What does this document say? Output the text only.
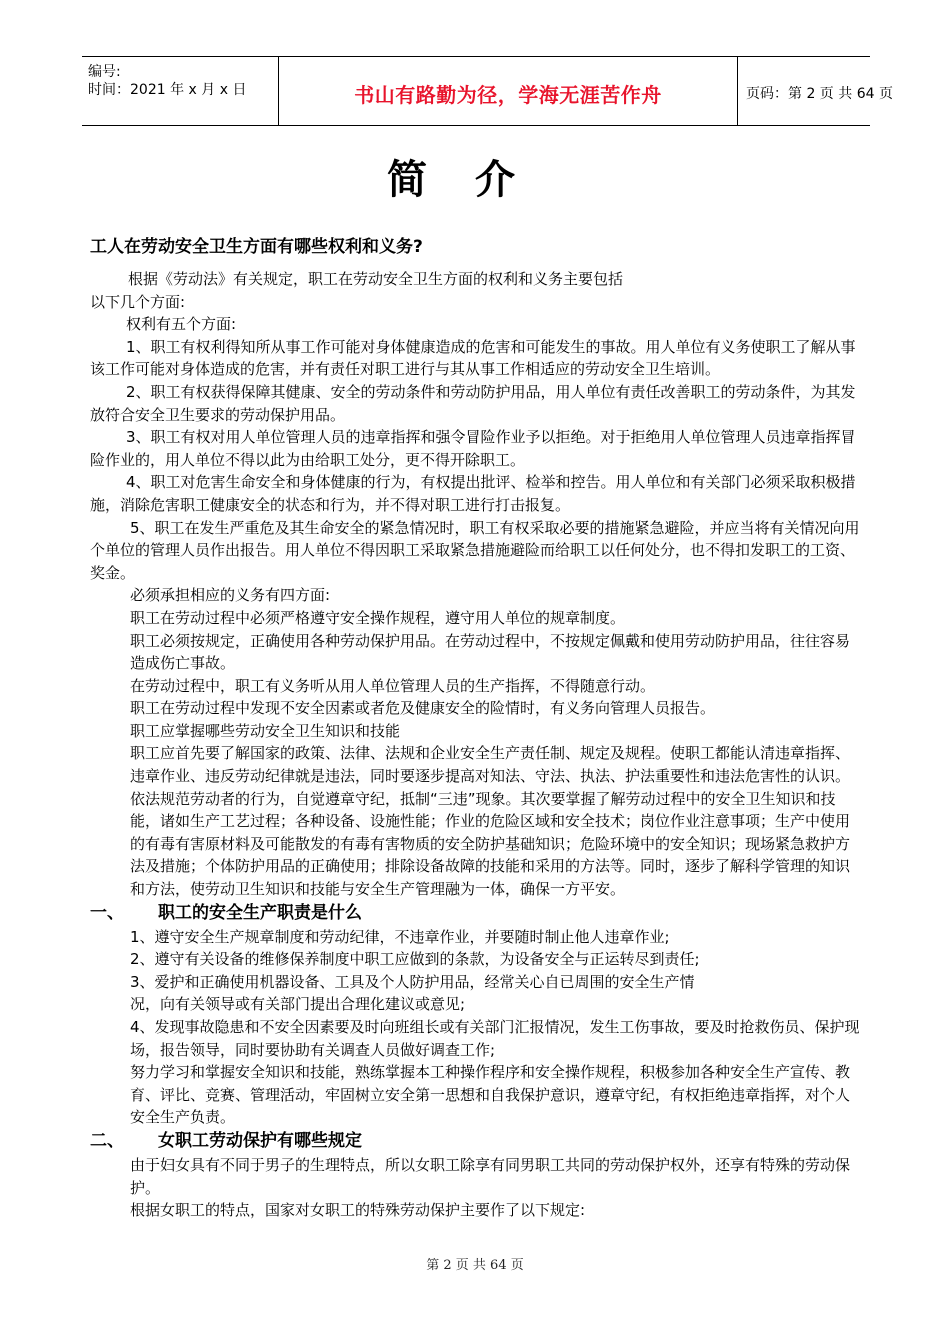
编号:
时间：2021 年 x 月 x 日	书山有路勤为径，学海无涯苦作舟	页码：第 2 页 共 64 页
简介
工人在劳动安全卫生方面有哪些权利和义务?

根据《劳动法》有关规定，职工在劳动安全卫生方面的权利和义务主要包括

以下几个方面:

权利有五个方面:

1、职工有权利得知所从事工作可能对身体健康造成的危害和可能发生的事故。用人单位有义务使职工了解从事该工作可能对身体造成的危害，并有责任对职工进行与其从事工作相适应的劳动安全卫生培训。

2、职工有权获得保障其健康、安全的劳动条件和劳动防护用品，用人单位有责任改善职工的劳动条件，为其发放符合安全卫生要求的劳动保护用品。

3、职工有权对用人单位管理人员的违章指挥和强令冒险作业予以拒绝。对于拒绝用人单位管理人员违章指挥冒险作业的，用人单位不得以此为由给职工处分，更不得开除职工。

4、职工对危害生命安全和身体健康的行为，有权提出批评、检举和控告。用人单位和有关部门必须采取积极措施，消除危害职工健康安全的状态和行为，并不得对职工进行打击报复。

5、职工在发生严重危及其生命安全的紧急情况时，职工有权采取必要的措施紧急避险，并应当将有关情况向用个单位的管理人员作出报告。用人单位不得因职工采取紧急措施避险而给职工以任何处分，也不得扣发职工的工资、奖金。

必须承担相应的义务有四方面:

职工在劳动过程中必须严格遵守安全操作规程，遵守用人单位的规章制度。

职工必须按规定，正确使用各种劳动保护用品。在劳动过程中，不按规定佩戴和使用劳动防护用品，往往容易造成伤亡事故。

在劳动过程中，职工有义务听从用人单位管理人员的生产指挥，不得随意行动。

职工在劳动过程中发现不安全因素或者危及健康安全的险情时，有义务向管理人员报告。

职工应掌握哪些劳动安全卫生知识和技能

职工应首先要了解国家的政策、法律、法规和企业安全生产责任制、规定及规程。使职工都能认清违章指挥、违章作业、违反劳动纪律就是违法，同时要逐步提高对知法、守法、执法、护法重要性和违法危害性的认识。依法规范劳动者的行为，自觉遵章守纪，抵制“三违”现象。其次要掌握了解劳动过程中的安全卫生知识和技能，诸如生产工艺过程；各种设备、设施性能；作业的危险区域和安全技术；岗位作业注意事项；生产中使用的有毒有害原材料及可能散发的有毒有害物质的安全防护基础知识；危险环境中的安全知识；现场紧急救护方法及措施；个体防护用品的正确使用；排除设备故障的技能和采用的方法等。同时，逐步了解科学管理的知识和方法，使劳动卫生知识和技能与安全生产管理融为一体，确保一方平安。

一、 职工的安全生产职责是什么

1、遵守安全生产规章制度和劳动纪律，不违章作业，并要随时制止他人违章作业;

2、遵守有关设备的维修保养制度中职工应做到的条款，为设备安全与正运转尽到责任;

3、爱护和正确使用机器设备、工具及个人防护用品，经常关心自已周围的安全生产情

况，向有关领导或有关部门提出合理化建议或意见;

4、发现事故隐患和不安全因素要及时向班组长或有关部门汇报情况，发生工伤事故，要及时抢救伤员、保护现场，报告领导，同时要协助有关调查人员做好调查工作;

努力学习和掌握安全知识和技能，熟练掌握本工种操作程序和安全操作规程，积极参加各种安全生产宣传、教育、评比、竞赛、管理活动，牢固树立安全第一思想和自我保护意识，遵章守纪，有权拒绝违章指挥，对个人安全生产负责。

二、 女职工劳动保护有哪些规定

由于妇女具有不同于男子的生理特点，所以女职工除享有同男职工共同的劳动保护权外，还享有特殊的劳动保护。

根据女职工的特点，国家对女职工的特殊劳动保护主要作了以下规定:

第 2 页 共 64 页
